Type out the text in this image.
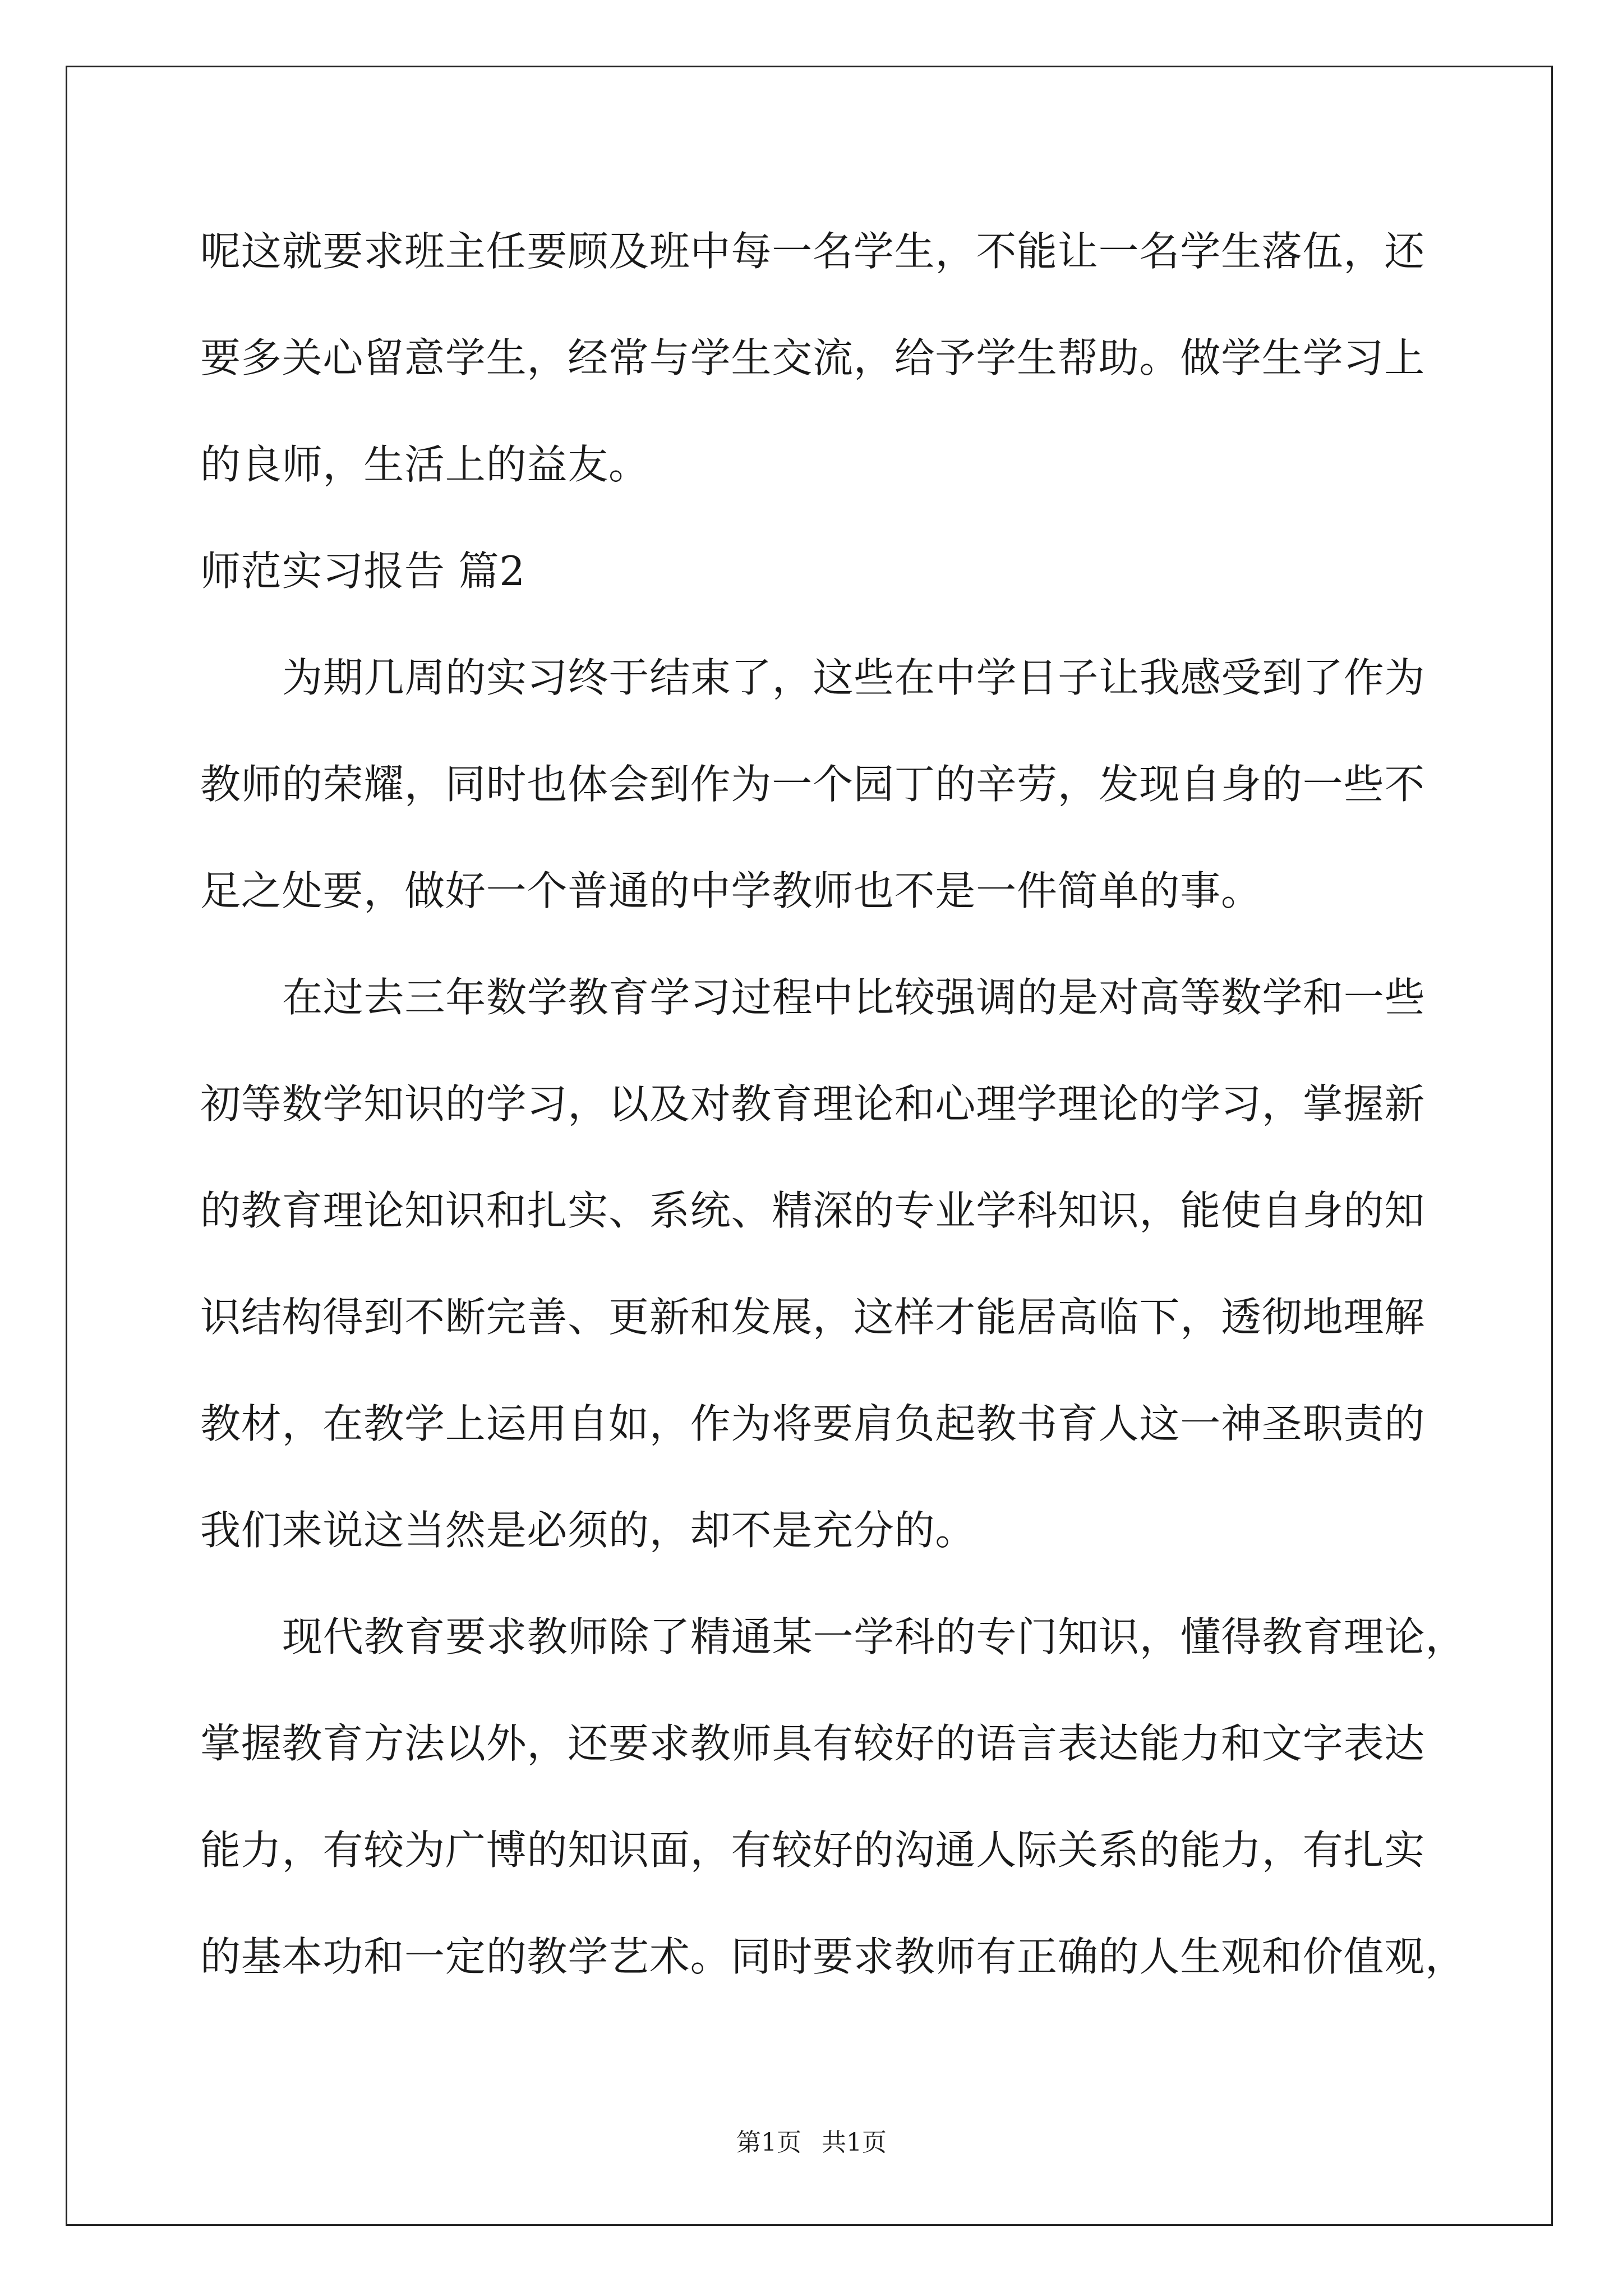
呢这就要求班主任要顾及班中每一名学生，不能让一名学生落伍，还
要多关心留意学生，经常与学生交流，给予学生帮助。做学生学习上
的良师，生活上的益友。
师范实习报告 篇2
为期几周的实习终于结束了，这些在中学日子让我感受到了作为
教师的荣耀，同时也体会到作为一个园丁的辛劳，发现自身的一些不
足之处要，做好一个普通的中学教师也不是一件简单的事。
在过去三年数学教育学习过程中比较强调的是对高等数学和一些
初等数学知识的学习，以及对教育理论和心理学理论的学习，掌握新
的教育理论知识和扎实、系统、精深的专业学科知识，能使自身的知
识结构得到不断完善、更新和发展，这样才能居高临下，透彻地理解
教材，在教学上运用自如，作为将要肩负起教书育人这一神圣职责的
我们来说这当然是必须的，却不是充分的。
现代教育要求教师除了精通某一学科的专门知识，懂得教育理论，
掌握教育方法以外，还要求教师具有较好的语言表达能力和文字表达
能力，有较为广博的知识面，有较好的沟通人际关系的能力，有扎实
的基本功和一定的教学艺术。同时要求教师有正确的人生观和价值观，
第1页 共1页
